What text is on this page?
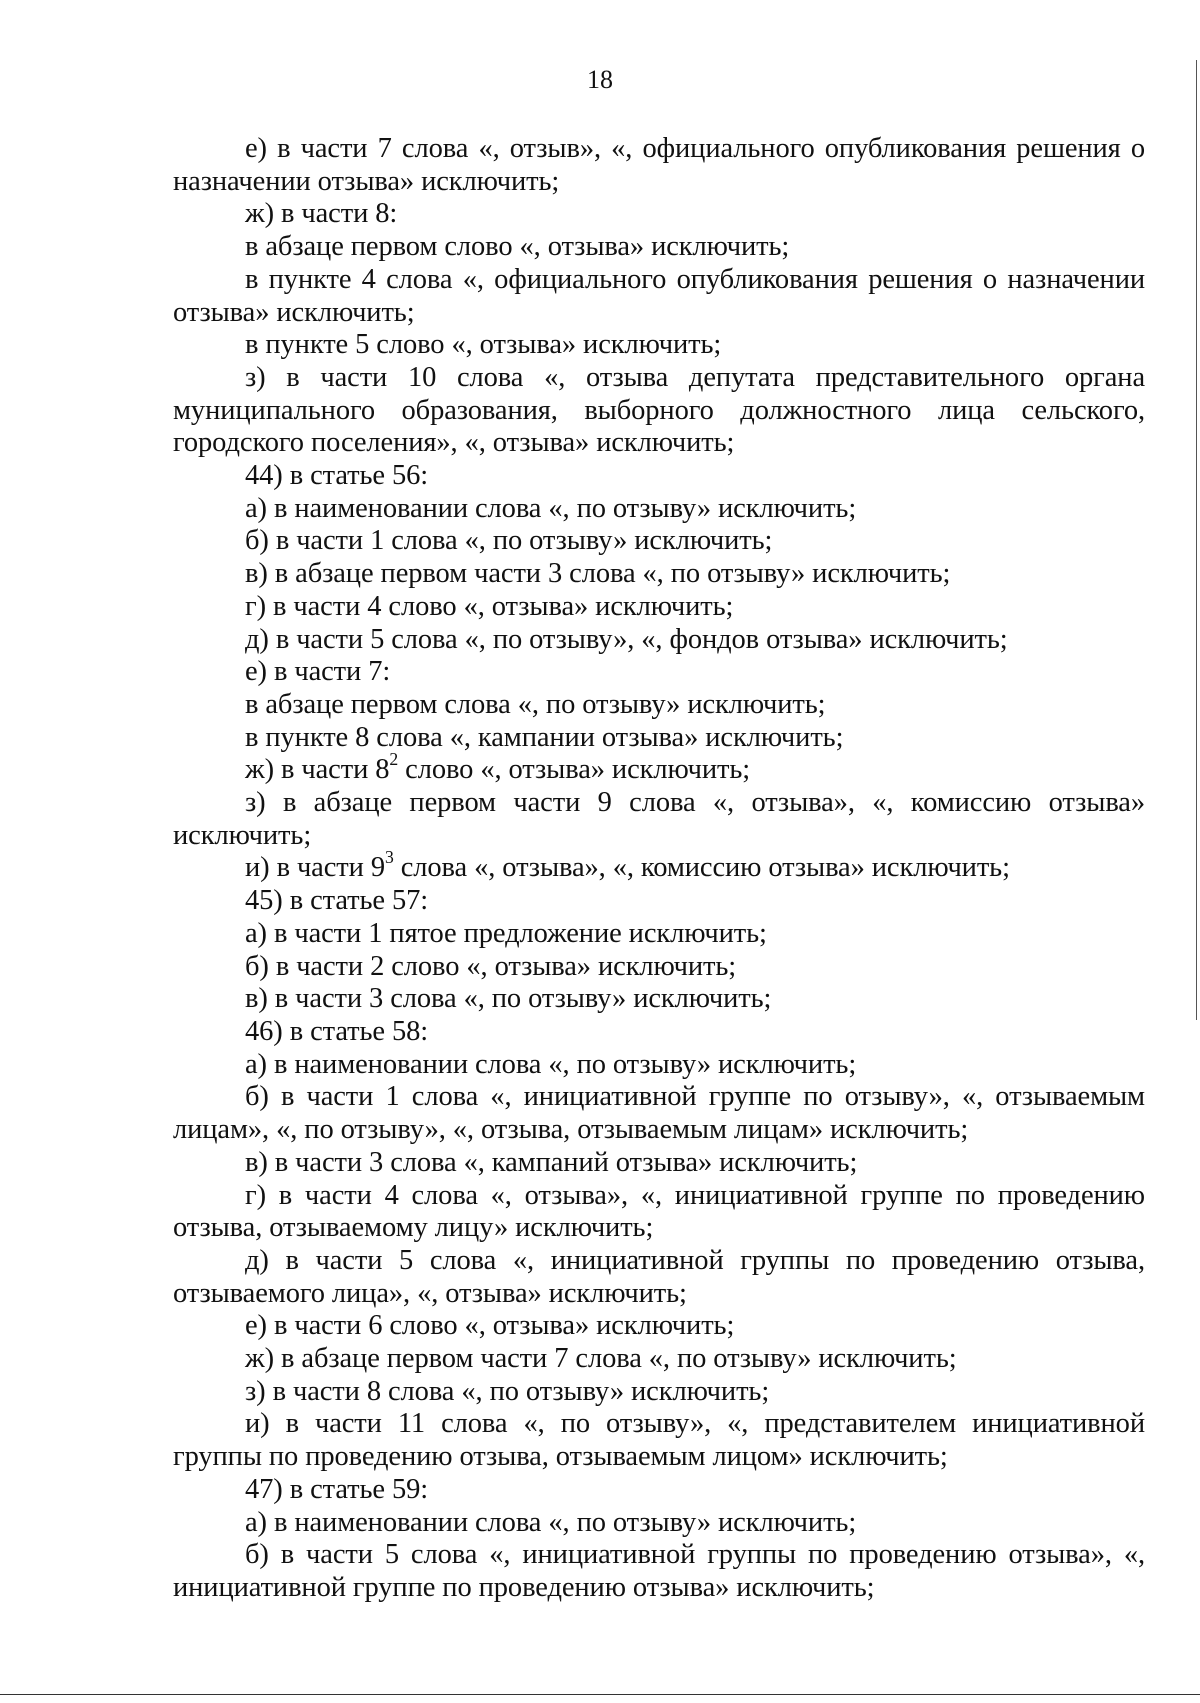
18

е) в части 7 слова «, отзыв», «, официального опубликования решения о назначении отзыва» исключить;

ж) в части 8:

в абзаце первом слово «, отзыва» исключить;

в пункте 4 слова «, официального опубликования решения о назначении отзыва» исключить;

в пункте 5 слово «, отзыва» исключить;

з) в части 10 слова «, отзыва депутата представительного органа муниципального образования, выборного должностного лица сельского, городского поселения», «, отзыва» исключить;

44) в статье 56:

а) в наименовании слова «, по отзыву» исключить;

б) в части 1 слова «, по отзыву» исключить;

в) в абзаце первом части 3 слова «, по отзыву» исключить;

г) в части 4 слово «, отзыва» исключить;

д) в части 5 слова «, по отзыву», «, фондов отзыва» исключить;

е) в части 7:

в абзаце первом слова «, по отзыву» исключить;

в пункте 8 слова «, кампании отзыва» исключить;

ж) в части $8^2$ слово «, отзыва» исключить;

з) в абзаце первом части 9 слова «, отзыва», «, комиссию отзыва» исключить;

и) в части $9^3$ слова «, отзыва», «, комиссию отзыва» исключить;

45) в статье 57:

а) в части 1 пятое предложение исключить;

б) в части 2 слово «, отзыва» исключить;

в) в части 3 слова «, по отзыву» исключить;

46) в статье 58:

а) в наименовании слова «, по отзыву» исключить;

б) в части 1 слова «, инициативной группе по отзыву», «, отзываемым лицам», «, по отзыву», «, отзыва, отзываемым лицам» исключить;

в) в части 3 слова «, кампаний отзыва» исключить;

г) в части 4 слова «, отзыва», «, инициативной группе по проведению отзыва, отзываемому лицу» исключить;

д) в части 5 слова «, инициативной группы по проведению отзыва, отзываемого лица», «, отзыва» исключить;

е) в части 6 слово «, отзыва» исключить;

ж) в абзаце первом части 7 слова «, по отзыву» исключить;

з) в части 8 слова «, по отзыву» исключить;

и) в части 11 слова «, по отзыву», «, представителем инициативной группы по проведению отзыва, отзываемым лицом» исключить;

47) в статье 59:

а) в наименовании слова «, по отзыву» исключить;

б) в части 5 слова «, инициативной группы по проведению отзыва», «, инициативной группе по проведению отзыва» исключить;
